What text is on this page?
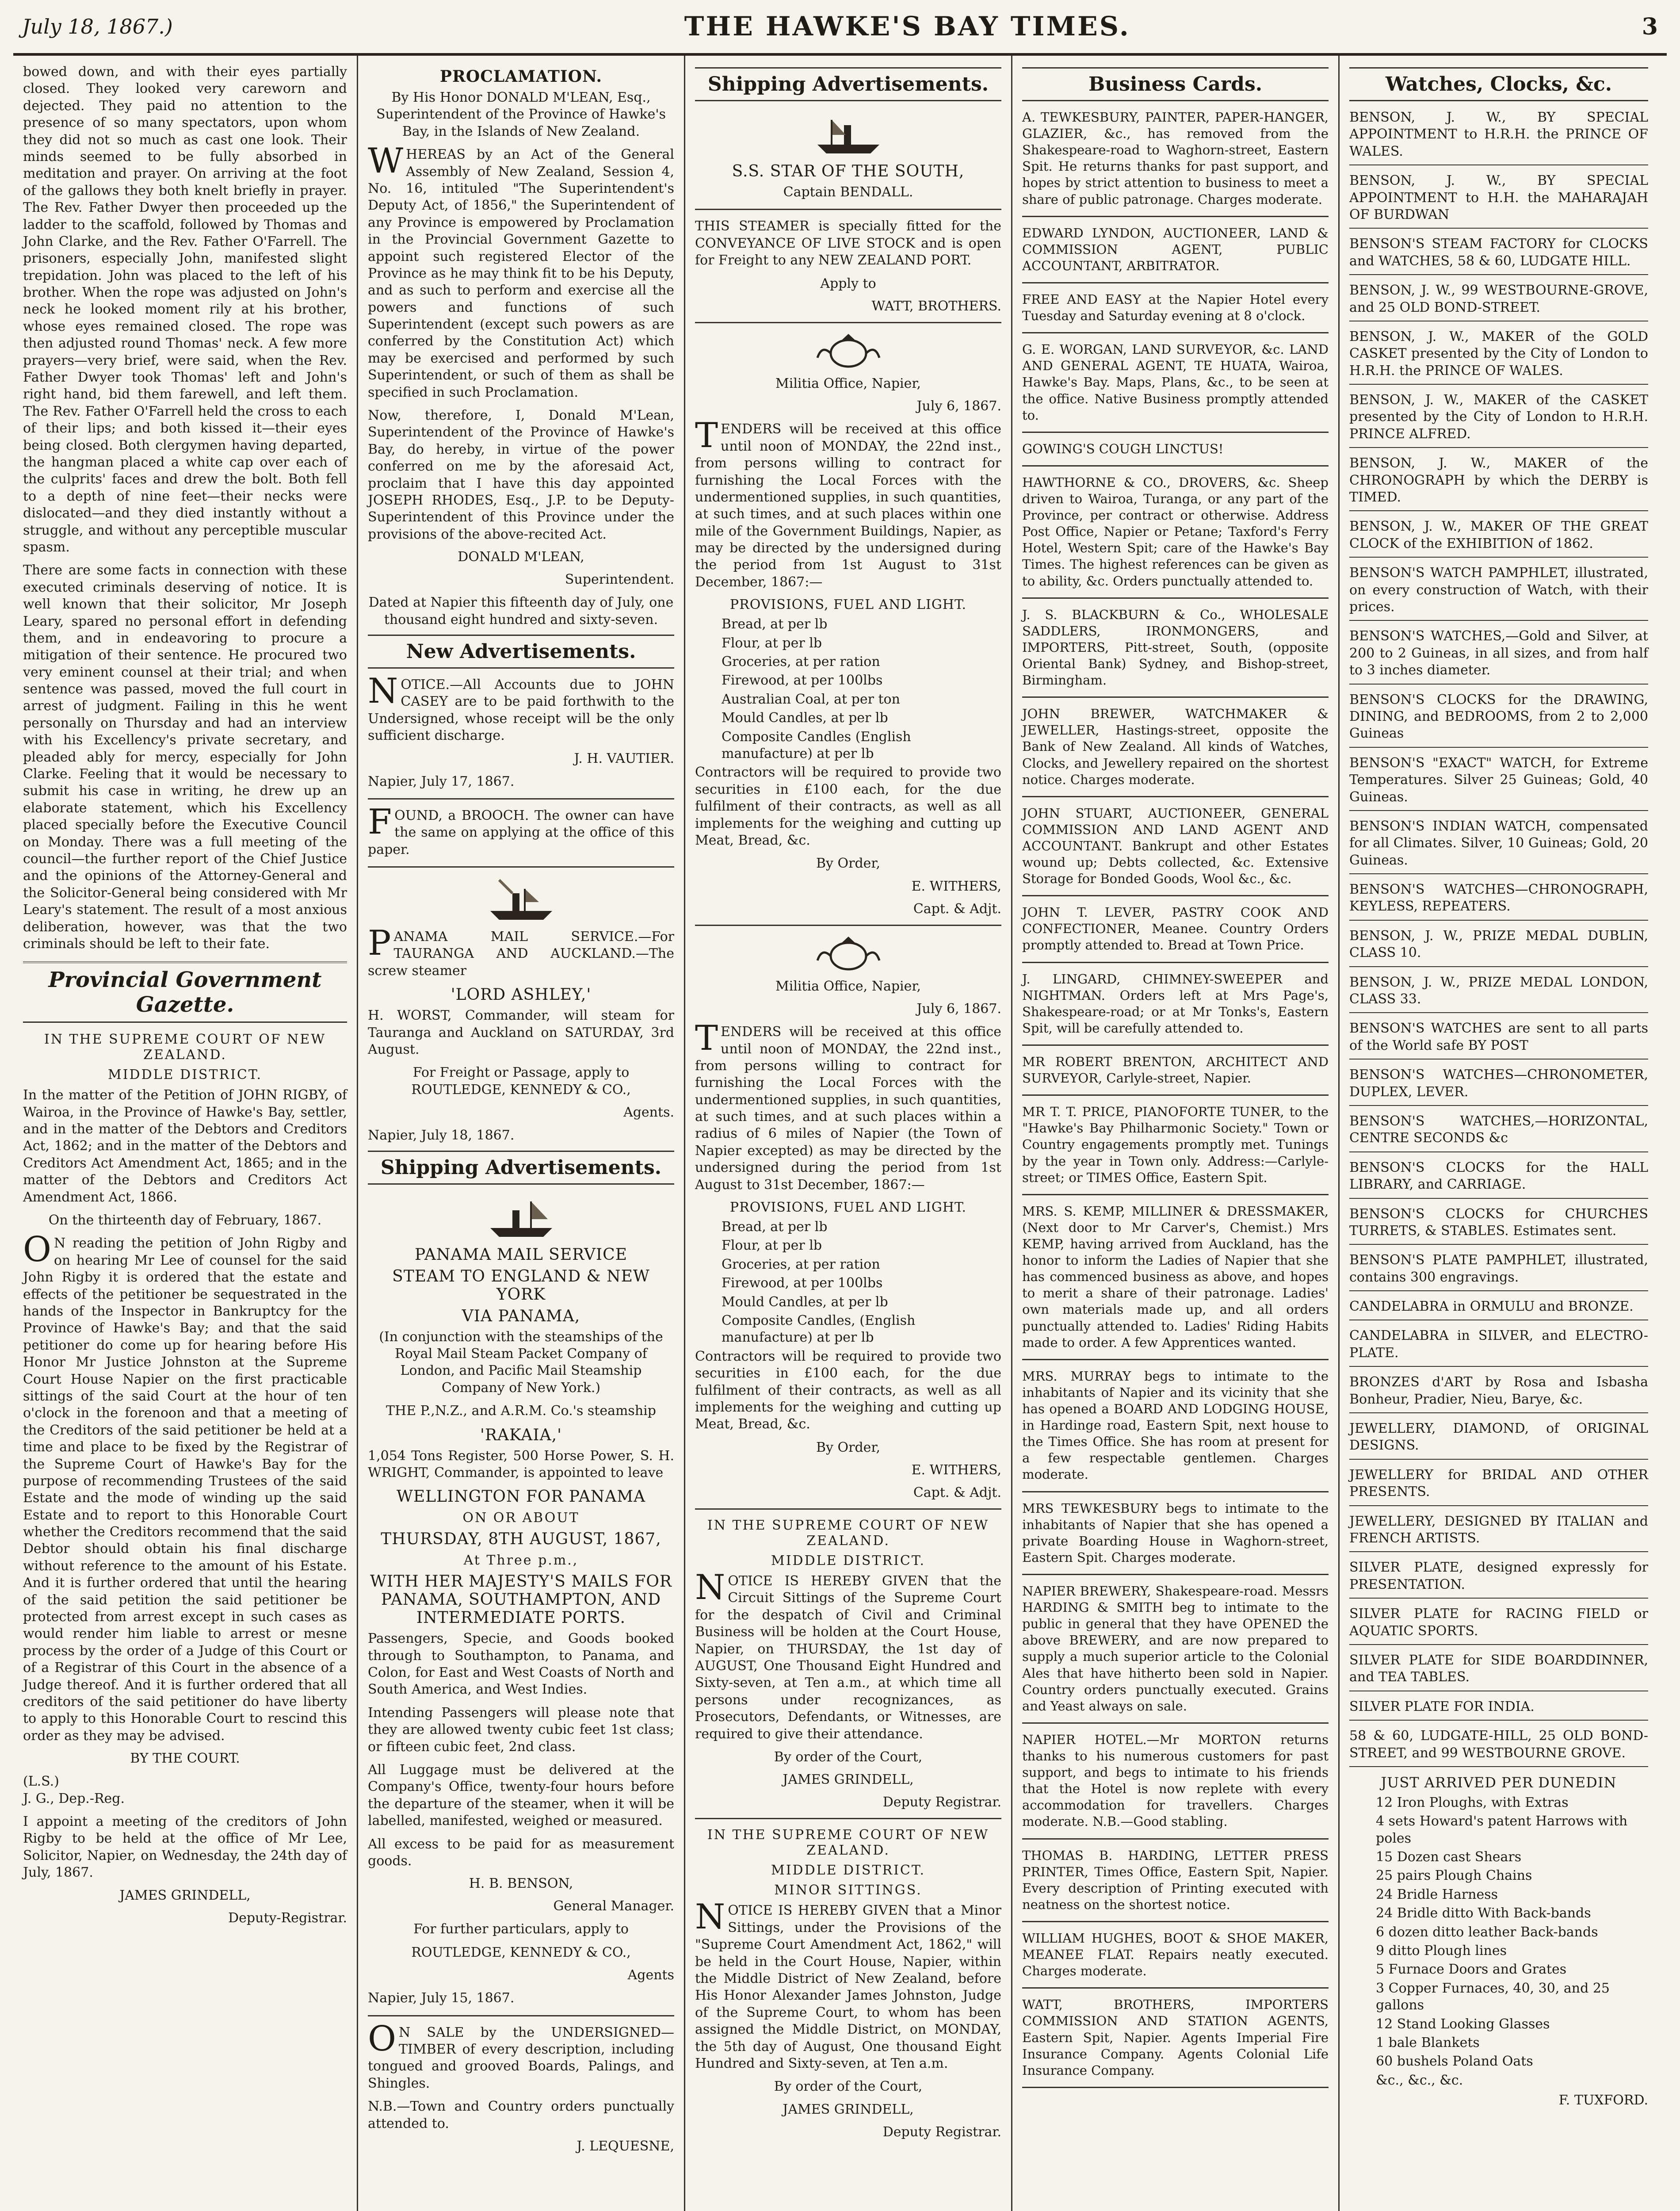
July 18, 1867.)	THE HAWKE'S BAY TIMES.	3

bowed down, and with their eyes partially closed. They looked very careworn and dejected. They paid no attention to the presence of so many spectators, upon whom they did not so much as cast one look. Their minds seemed to be fully absorbed in meditation and prayer. On arriving at the foot of the gallows they both knelt briefly in prayer. The Rev. Father Dwyer then proceeded up the ladder to the scaffold, followed by Thomas and John Clarke, and the Rev. Father O'Farrell. The prisoners, especially John, manifested slight trepidation. John was placed to the left of his brother. When the rope was adjusted on John's neck he looked moment rily at his brother, whose eyes remained closed. The rope was then adjusted round Thomas' neck. A few more prayers—very brief, were said, when the Rev. Father Dwyer took Thomas' left and John's right hand, bid them farewell, and left them. The Rev. Father O'Farrell held the cross to each of their lips; and both kissed it—their eyes being closed. Both clergymen having departed, the hangman placed a white cap over each of the culprits' faces and drew the bolt. Both fell to a depth of nine feet—their necks were dislocated—and they died instantly without a struggle, and without any perceptible muscular spasm.

There are some facts in connection with these executed criminals deserving of notice. It is well known that their solicitor, Mr Joseph Leary, spared no personal effort in defending them, and in endeavoring to procure a mitigation of their sentence. He procured two very eminent counsel at their trial; and when sentence was passed, moved the full court in arrest of judgment. Failing in this he went personally on Thursday and had an interview with his Excellency's private secretary, and pleaded ably for mercy, especially for John Clarke. Feeling that it would be necessary to submit his case in writing, he drew up an elaborate statement, which his Excellency placed specially before the Executive Council on Monday. There was a full meeting of the council—the further report of the Chief Justice and the opinions of the Attorney-General and the Solicitor-General being considered with Mr Leary's statement. The result of a most anxious deliberation, however, was that the two criminals should be left to their fate.

Provincial Government Gazette.
IN THE SUPREME COURT OF NEW ZEALAND.
MIDDLE DISTRICT.

In the matter of the Petition of JOHN RIGBY, of Wairoa, in the Province of Hawke's Bay, settler, and in the matter of the Debtors and Creditors Act, 1862; and in the matter of the Debtors and Creditors Act Amendment Act, 1865; and in the matter of the Debtors and Creditors Act Amendment Act, 1866.

On the thirteenth day of February, 1867.

ON reading the petition of John Rigby and on hearing Mr Lee of counsel for the said John Rigby it is ordered that the estate and effects of the petitioner be sequestrated in the hands of the Inspector in Bankruptcy for the Province of Hawke's Bay; and that the said petitioner do come up for hearing before His Honor Mr Justice Johnston at the Supreme Court House Napier on the first practicable sittings of the said Court at the hour of ten o'clock in the forenoon and that a meeting of the Creditors of the said petitioner be held at a time and place to be fixed by the Registrar of the Supreme Court of Hawke's Bay for the purpose of recommending Trustees of the said Estate and the mode of winding up the said Estate and to report to this Honorable Court whether the Creditors recommend that the said Debtor should obtain his final discharge without reference to the amount of his Estate. And it is further ordered that until the hearing of the said petition the said petitioner be protected from arrest except in such cases as would render him liable to arrest or mesne process by the order of a Judge of this Court or of a Registrar of this Court in the absence of a Judge thereof. And it is further ordered that all creditors of the said petitioner do have liberty to apply to this Honorable Court to rescind this order as they may be advised.

BY THE COURT.

(L.S.)

J. G., Dep.-Reg.

I appoint a meeting of the creditors of John Rigby to be held at the office of Mr Lee, Solicitor, Napier, on Wednesday, the 24th day of July, 1867.

JAMES GRINDELL,
Deputy-Registrar.
PROCLAMATION.

By His Honor DONALD M'LEAN, Esq., Superintendent of the Province of Hawke's Bay, in the Islands of New Zealand.

WHEREAS by an Act of the General Assembly of New Zealand, Session 4, No. 16, intituled "The Superintendent's Deputy Act, of 1856," the Superintendent of any Province is empowered by Proclamation in the Provincial Government Gazette to appoint such registered Elector of the Province as he may think fit to be his Deputy, and as such to perform and exercise all the powers and functions of such Superintendent (except such powers as are conferred by the Constitution Act) which may be exercised and performed by such Superintendent, or such of them as shall be specified in such Proclamation.

Now, therefore, I, Donald M'Lean, Superintendent of the Province of Hawke's Bay, do hereby, in virtue of the power conferred on me by the aforesaid Act, proclaim that I have this day appointed JOSEPH RHODES, Esq., J.P. to be Deputy-Superintendent of this Province under the provisions of the above-recited Act.

DONALD M'LEAN,
Superintendent.

Dated at Napier this fifteenth day of July, one thousand eight hundred and sixty-seven.

New Advertisements.

NOTICE.—All Accounts due to JOHN CASEY are to be paid forthwith to the Undersigned, whose receipt will be the only sufficient discharge.

J. H. VAUTIER.

Napier, July 17, 1867.

FOUND, a BROOCH. The owner can have the same on applying at the office of this paper.

PANAMA MAIL SERVICE.—For TAURANGA AND AUCKLAND.—The screw steamer

'LORD ASHLEY,'

H. WORST, Commander, will steam for Tauranga and Auckland on SATURDAY, 3rd August.

For Freight or Passage, apply to ROUTLEDGE, KENNEDY & CO.,

Agents.

Napier, July 18, 1867.

Shipping Advertisements.
PANAMA MAIL SERVICE
STEAM TO ENGLAND & NEW YORK
VIA PANAMA,

(In conjunction with the steamships of the Royal Mail Steam Packet Company of London, and Pacific Mail Steamship Company of New York.)

THE P.,N.Z., and A.R.M. Co.'s steamship

'RAKAIA,'

1,054 Tons Register, 500 Horse Power, S. H. WRIGHT, Commander, is appointed to leave

WELLINGTON FOR PANAMA
ON OR ABOUT
THURSDAY, 8TH AUGUST, 1867,
At Three p.m.,
WITH HER MAJESTY'S MAILS FOR PANAMA, SOUTHAMPTON, AND INTERMEDIATE PORTS.

Passengers, Specie, and Goods booked through to Southampton, to Panama, and Colon, for East and West Coasts of North and South America, and West Indies.

Intending Passengers will please note that they are allowed twenty cubic feet 1st class; or fifteen cubic feet, 2nd class.

All Luggage must be delivered at the Company's Office, twenty-four hours before the departure of the steamer, when it will be labelled, manifested, weighed or measured.

All excess to be paid for as measurement goods.

H. B. BENSON,
General Manager.

For further particulars, apply to

ROUTLEDGE, KENNEDY & CO.,

Agents

Napier, July 15, 1867.

ON SALE by the UNDERSIGNED—TIMBER of every description, including tongued and grooved Boards, Palings, and Shingles.

N.B.—Town and Country orders punctually attended to.

J. LEQUESNE,
Shipping Advertisements.
S.S. STAR OF THE SOUTH,

Captain BENDALL.

THIS STEAMER is specially fitted for the CONVEYANCE OF LIVE STOCK and is open for Freight to any NEW ZEALAND PORT.

Apply to

WATT, BROTHERS.

Militia Office, Napier,

July 6, 1867.

TENDERS will be received at this office until noon of MONDAY, the 22nd inst., from persons willing to contract for furnishing the Local Forces with the undermentioned supplies, in such quantities, at such times, and at such places within one mile of the Government Buildings, Napier, as may be directed by the undersigned during the period from 1st August to 31st December, 1867:—

PROVISIONS, FUEL AND LIGHT.

Bread, at per lb

Flour, at per lb

Groceries, at per ration

Firewood, at per 100lbs

Australian Coal, at per ton

Mould Candles, at per lb

Composite Candles (English manufacture) at per lb

Contractors will be required to provide two securities in £100 each, for the due fulfilment of their contracts, as well as all implements for the weighing and cutting up Meat, Bread, &c.

By Order,

E. WITHERS,
Capt. & Adjt.

Militia Office, Napier,

July 6, 1867.

TENDERS will be received at this office until noon of MONDAY, the 22nd inst., from persons willing to contract for furnishing the Local Forces with the undermentioned supplies, in such quantities, at such times, and at such places within a radius of 6 miles of Napier (the Town of Napier excepted) as may be directed by the undersigned during the period from 1st August to 31st December, 1867:—

PROVISIONS, FUEL AND LIGHT.

Bread, at per lb

Flour, at per lb

Groceries, at per ration

Firewood, at per 100lbs

Mould Candles, at per lb

Composite Candles, (English manufacture) at per lb

Contractors will be required to provide two securities in £100 each, for the due fulfilment of their contracts, as well as all implements for the weighing and cutting up Meat, Bread, &c.

By Order,

E. WITHERS,
Capt. & Adjt.
IN THE SUPREME COURT OF NEW ZEALAND.
MIDDLE DISTRICT.

NOTICE IS HEREBY GIVEN that the Circuit Sittings of the Supreme Court for the despatch of Civil and Criminal Business will be holden at the Court House, Napier, on THURSDAY, the 1st day of AUGUST, One Thousand Eight Hundred and Sixty-seven, at Ten a.m., at which time all persons under recognizances, as Prosecutors, Defendants, or Witnesses, are required to give their attendance.

By order of the Court,

JAMES GRINDELL,
Deputy Registrar.
IN THE SUPREME COURT OF NEW ZEALAND.
MIDDLE DISTRICT.
MINOR SITTINGS.

NOTICE IS HEREBY GIVEN that a Minor Sittings, under the Provisions of the "Supreme Court Amendment Act, 1862," will be held in the Court House, Napier, within the Middle District of New Zealand, before His Honor Alexander James Johnston, Judge of the Supreme Court, to whom has been assigned the Middle District, on MONDAY, the 5th day of August, One thousand Eight Hundred and Sixty-seven, at Ten a.m.

By order of the Court,

JAMES GRINDELL,
Deputy Registrar.
Business Cards.
A. TEWKESBURY, PAINTER, PAPER-HANGER, GLAZIER, &c., has removed from the Shakespeare-road to Waghorn-street, Eastern Spit. He returns thanks for past support, and hopes by strict attention to business to meet a share of public patronage. Charges moderate.
EDWARD LYNDON, AUCTIONEER, LAND & COMMISSION AGENT, PUBLIC ACCOUNTANT, ARBITRATOR.
FREE AND EASY at the Napier Hotel every Tuesday and Saturday evening at 8 o'clock.
G. E. WORGAN, LAND SURVEYOR, &c. LAND AND GENERAL AGENT, TE HUATA, Wairoa, Hawke's Bay. Maps, Plans, &c., to be seen at the office. Native Business promptly attended to.
GOWING'S COUGH LINCTUS!
HAWTHORNE & CO., DROVERS, &c. Sheep driven to Wairoa, Turanga, or any part of the Province, per contract or otherwise. Address Post Office, Napier or Petane; Taxford's Ferry Hotel, Western Spit; care of the Hawke's Bay Times. The highest references can be given as to ability, &c. Orders punctually attended to.
J. S. BLACKBURN & Co., WHOLESALE SADDLERS, IRONMONGERS, and IMPORTERS, Pitt-street, South, (opposite Oriental Bank) Sydney, and Bishop-street, Birmingham.
JOHN BREWER, WATCHMAKER & JEWELLER, Hastings-street, opposite the Bank of New Zealand. All kinds of Watches, Clocks, and Jewellery repaired on the shortest notice. Charges moderate.
JOHN STUART, AUCTIONEER, GENERAL COMMISSION AND LAND AGENT AND ACCOUNTANT. Bankrupt and other Estates wound up; Debts collected, &c. Extensive Storage for Bonded Goods, Wool &c., &c.
JOHN T. LEVER, PASTRY COOK AND CONFECTIONER, Meanee. Country Orders promptly attended to. Bread at Town Price.
J. LINGARD, CHIMNEY-SWEEPER and NIGHTMAN. Orders left at Mrs Page's, Shakespeare-road; or at Mr Tonks's, Eastern Spit, will be carefully attended to.
MR ROBERT BRENTON, ARCHITECT AND SURVEYOR, Carlyle-street, Napier.
MR T. T. PRICE, PIANOFORTE TUNER, to the "Hawke's Bay Philharmonic Society." Town or Country engagements promptly met. Tunings by the year in Town only. Address:—Carlyle-street; or TIMES Office, Eastern Spit.
MRS. S. KEMP, MILLINER & DRESSMAKER, (Next door to Mr Carver's, Chemist.) Mrs KEMP, having arrived from Auckland, has the honor to inform the Ladies of Napier that she has commenced business as above, and hopes to merit a share of their patronage. Ladies' own materials made up, and all orders punctually attended to. Ladies' Riding Habits made to order. A few Apprentices wanted.
MRS. MURRAY begs to intimate to the inhabitants of Napier and its vicinity that she has opened a BOARD AND LODGING HOUSE, in Hardinge road, Eastern Spit, next house to the Times Office. She has room at present for a few respectable gentlemen. Charges moderate.
MRS TEWKESBURY begs to intimate to the inhabitants of Napier that she has opened a private Boarding House in Waghorn-street, Eastern Spit. Charges moderate.
NAPIER BREWERY, Shakespeare-road. Messrs HARDING & SMITH beg to intimate to the public in general that they have OPENED the above BREWERY, and are now prepared to supply a much superior article to the Colonial Ales that have hitherto been sold in Napier. Country orders punctually executed. Grains and Yeast always on sale.
NAPIER HOTEL.—Mr MORTON returns thanks to his numerous customers for past support, and begs to intimate to his friends that the Hotel is now replete with every accommodation for travellers. Charges moderate. N.B.—Good stabling.
THOMAS B. HARDING, LETTER PRESS PRINTER, Times Office, Eastern Spit, Napier. Every description of Printing executed with neatness on the shortest notice.
WILLIAM HUGHES, BOOT & SHOE MAKER, MEANEE FLAT. Repairs neatly executed. Charges moderate.
WATT, BROTHERS, IMPORTERS COMMISSION AND STATION AGENTS, Eastern Spit, Napier. Agents Imperial Fire Insurance Company. Agents Colonial Life Insurance Company.
Watches, Clocks, &c.
BENSON, J. W., BY SPECIAL APPOINTMENT to H.R.H. the PRINCE OF WALES.
BENSON, J. W., BY SPECIAL APPOINTMENT to H.H. the MAHARAJAH OF BURDWAN
BENSON'S STEAM FACTORY for CLOCKS and WATCHES, 58 & 60, LUDGATE HILL.
BENSON, J. W., 99 WESTBOURNE-GROVE, and 25 OLD BOND-STREET.
BENSON, J. W., MAKER of the GOLD CASKET presented by the City of London to H.R.H. the PRINCE OF WALES.
BENSON, J. W., MAKER of the CASKET presented by the City of London to H.R.H. PRINCE ALFRED.
BENSON, J. W., MAKER of the CHRONOGRAPH by which the DERBY is TIMED.
BENSON, J. W., MAKER OF THE GREAT CLOCK of the EXHIBITION of 1862.
BENSON'S WATCH PAMPHLET, illustrated, on every construction of Watch, with their prices.
BENSON'S WATCHES,—Gold and Silver, at 200 to 2 Guineas, in all sizes, and from half to 3 inches diameter.
BENSON'S CLOCKS for the DRAWING, DINING, and BEDROOMS, from 2 to 2,000 Guineas
BENSON'S "EXACT" WATCH, for Extreme Temperatures. Silver 25 Guineas; Gold, 40 Guineas.
BENSON'S INDIAN WATCH, compensated for all Climates. Silver, 10 Guineas; Gold, 20 Guineas.
BENSON'S WATCHES—CHRONOGRAPH, KEYLESS, REPEATERS.
BENSON, J. W., PRIZE MEDAL DUBLIN, CLASS 10.
BENSON, J. W., PRIZE MEDAL LONDON, CLASS 33.
BENSON'S WATCHES are sent to all parts of the World safe BY POST
BENSON'S WATCHES—CHRONOMETER, DUPLEX, LEVER.
BENSON'S WATCHES,—HORIZONTAL, CENTRE SECONDS &c
BENSON'S CLOCKS for the HALL LIBRARY, and CARRIAGE.
BENSON'S CLOCKS for CHURCHES TURRETS, & STABLES. Estimates sent.
BENSON'S PLATE PAMPHLET, illustrated, contains 300 engravings.
CANDELABRA in ORMULU and BRONZE.
CANDELABRA in SILVER, and ELECTRO-PLATE.
BRONZES d'ART by Rosa and Isbasha Bonheur, Pradier, Nieu, Barye, &c.
JEWELLERY, DIAMOND, of ORIGINAL DESIGNS.
JEWELLERY for BRIDAL AND OTHER PRESENTS.
JEWELLERY, DESIGNED BY ITALIAN and FRENCH ARTISTS.
SILVER PLATE, designed expressly for PRESENTATION.
SILVER PLATE for RACING FIELD or AQUATIC SPORTS.
SILVER PLATE for SIDE BOARDDINNER, and TEA TABLES.
SILVER PLATE FOR INDIA.
58 & 60, LUDGATE-HILL, 25 OLD BOND-STREET, and 99 WESTBOURNE GROVE.
JUST ARRIVED PER DUNEDIN

12 Iron Ploughs, with Extras

4 sets Howard's patent Harrows with poles

15 Dozen cast Shears

25 pairs Plough Chains

24 Bridle Harness

24 Bridle ditto With Back-bands

6 dozen ditto leather Back-bands

9 ditto Plough lines

5 Furnace Doors and Grates

3 Copper Furnaces, 40, 30, and 25 gallons

12 Stand Looking Glasses

1 bale Blankets

60 bushels Poland Oats

&c., &c., &c.

F. TUXFORD.
